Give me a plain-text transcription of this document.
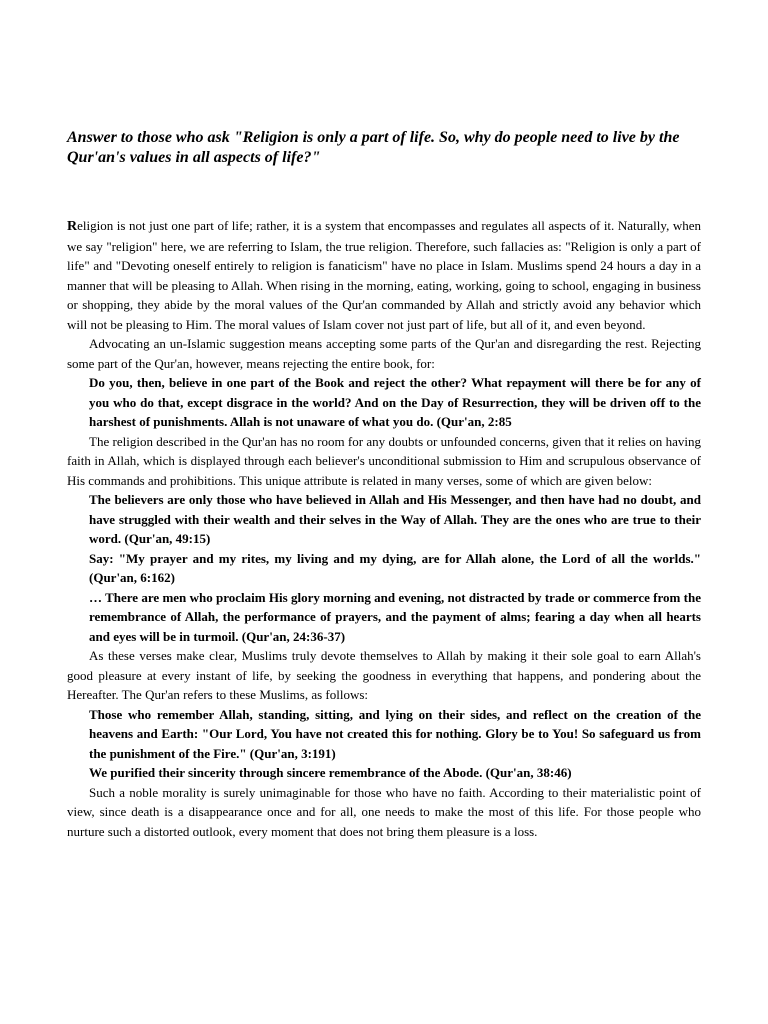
Answer to those who ask "Religion is only a part of life. So, why do people need to live by the Qur'an's values in all aspects of life?"

Religion is not just one part of life; rather, it is a system that encompasses and regulates all aspects of it. Naturally, when we say "religion" here, we are referring to Islam, the true religion. Therefore, such fallacies as: "Religion is only a part of life" and "Devoting oneself entirely to religion is fanaticism" have no place in Islam. Muslims spend 24 hours a day in a manner that will be pleasing to Allah. When rising in the morning, eating, working, going to school, engaging in business or shopping, they abide by the moral values of the Qur'an commanded by Allah and strictly avoid any behavior which will not be pleasing to Him. The moral values of Islam cover not just part of life, but all of it, and even beyond.

Advocating an un-Islamic suggestion means accepting some parts of the Qur'an and disregarding the rest. Rejecting some part of the Qur'an, however, means rejecting the entire book, for:

Do you, then, believe in one part of the Book and reject the other? What repayment will there be for any of you who do that, except disgrace in the world? And on the Day of Resurrection, they will be driven off to the harshest of punishments. Allah is not unaware of what you do. (Qur'an, 2:85

The religion described in the Qur'an has no room for any doubts or unfounded concerns, given that it relies on having faith in Allah, which is displayed through each believer's unconditional submission to Him and scrupulous observance of His commands and prohibitions. This unique attribute is related in many verses, some of which are given below:

The believers are only those who have believed in Allah and His Messenger, and then have had no doubt, and have struggled with their wealth and their selves in the Way of Allah. They are the ones who are true to their word. (Qur'an, 49:15)

Say: "My prayer and my rites, my living and my dying, are for Allah alone, the Lord of all the worlds." (Qur'an, 6:162)

… There are men who proclaim His glory morning and evening, not distracted by trade or commerce from the remembrance of Allah, the performance of prayers, and the payment of alms; fearing a day when all hearts and eyes will be in turmoil. (Qur'an, 24:36-37)

As these verses make clear, Muslims truly devote themselves to Allah by making it their sole goal to earn Allah's good pleasure at every instant of life, by seeking the goodness in everything that happens, and pondering about the Hereafter. The Qur'an refers to these Muslims, as follows:

Those who remember Allah, standing, sitting, and lying on their sides, and reflect on the creation of the heavens and Earth: "Our Lord, You have not created this for nothing. Glory be to You! So safeguard us from the punishment of the Fire." (Qur'an, 3:191)

We purified their sincerity through sincere remembrance of the Abode. (Qur'an, 38:46)

Such a noble morality is surely unimaginable for those who have no faith. According to their materialistic point of view, since death is a disappearance once and for all, one needs to make the most of this life. For those people who nurture such a distorted outlook, every moment that does not bring them pleasure is a loss.
